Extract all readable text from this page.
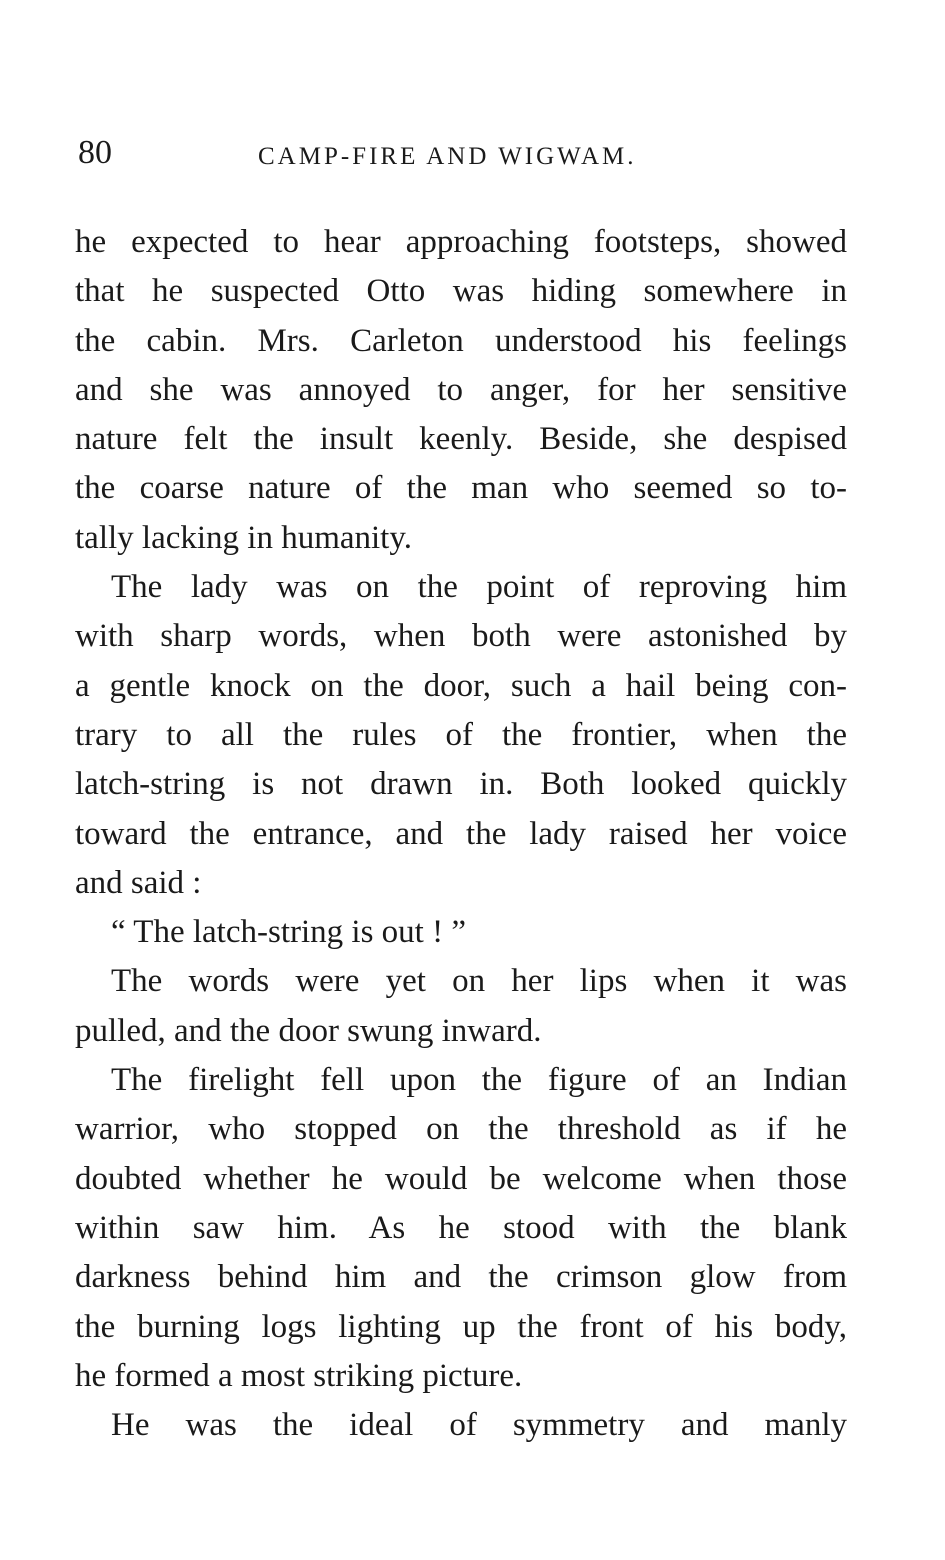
80	CAMP-FIRE AND WIGWAM.
he expected to hear approaching footsteps, showed
that he suspected Otto was hiding somewhere in
the cabin. Mrs. Carleton understood his feelings
and she was annoyed to anger, for her sensitive
nature felt the insult keenly. Beside, she despised
the coarse nature of the man who seemed so to-
tally lacking in humanity.
The lady was on the point of reproving him
with sharp words, when both were astonished by
a gentle knock on the door, such a hail being con-
trary to all the rules of the frontier, when the
latch-string is not drawn in. Both looked quickly
toward the entrance, and the lady raised her voice
and said :
“ The latch-string is out ! ”
The words were yet on her lips when it was
pulled, and the door swung inward.
The firelight fell upon the figure of an Indian
warrior, who stopped on the threshold as if he
doubted whether he would be welcome when those
within saw him. As he stood with the blank
darkness behind him and the crimson glow from
the burning logs lighting up the front of his body,
he formed a most striking picture.
He was the ideal of symmetry and manly
